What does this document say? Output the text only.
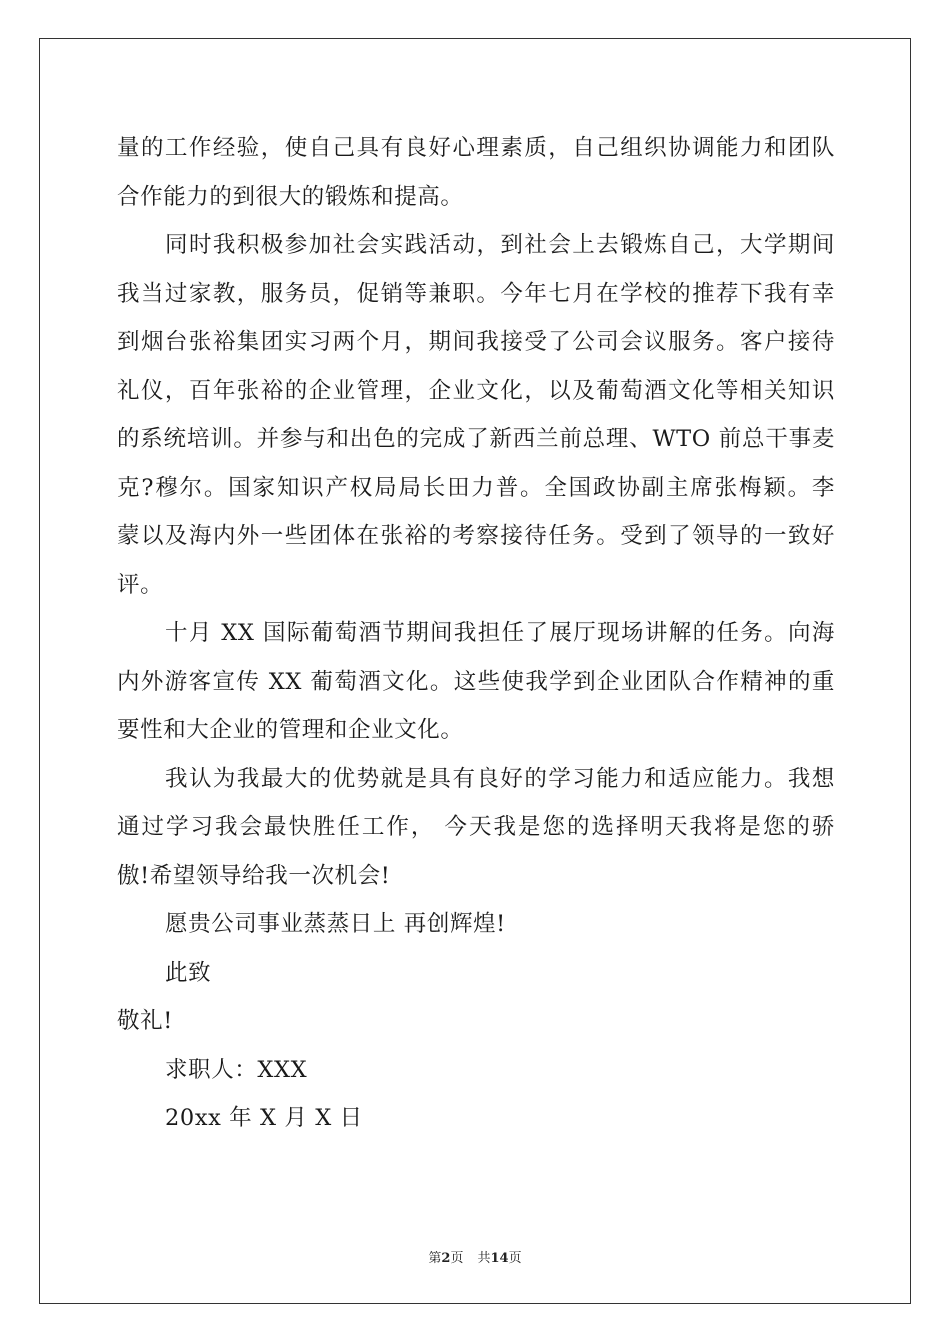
量的工作经验，使自己具有良好心理素质，自己组织协调能力和团队
合作能力的到很大的锻炼和提高。
同时我积极参加社会实践活动，到社会上去锻炼自己，大学期间
我当过家教，服务员，促销等兼职。今年七月在学校的推荐下我有幸
到烟台张裕集团实习两个月，期间我接受了公司会议服务。客户接待
礼仪，百年张裕的企业管理，企业文化，以及葡萄酒文化等相关知识
的系统培训。并参与和出色的完成了新西兰前总理、WTO 前总干事麦
克?穆尔。国家知识产权局局长田力普。全国政协副主席张梅颖。李
蒙以及海内外一些团体在张裕的考察接待任务。受到了领导的一致好
评。
十月 XX 国际葡萄酒节期间我担任了展厅现场讲解的任务。向海
内外游客宣传 XX 葡萄酒文化。这些使我学到企业团队合作精神的重
要性和大企业的管理和企业文化。
我认为我最大的优势就是具有良好的学习能力和适应能力。我想
通过学习我会最快胜任工作， 今天我是您的选择明天我将是您的骄
傲!希望领导给我一次机会!
愿贵公司事业蒸蒸日上 再创辉煌!
此致
敬礼!
求职人：XXX
20xx 年 X 月 X 日
第2页 共14页
